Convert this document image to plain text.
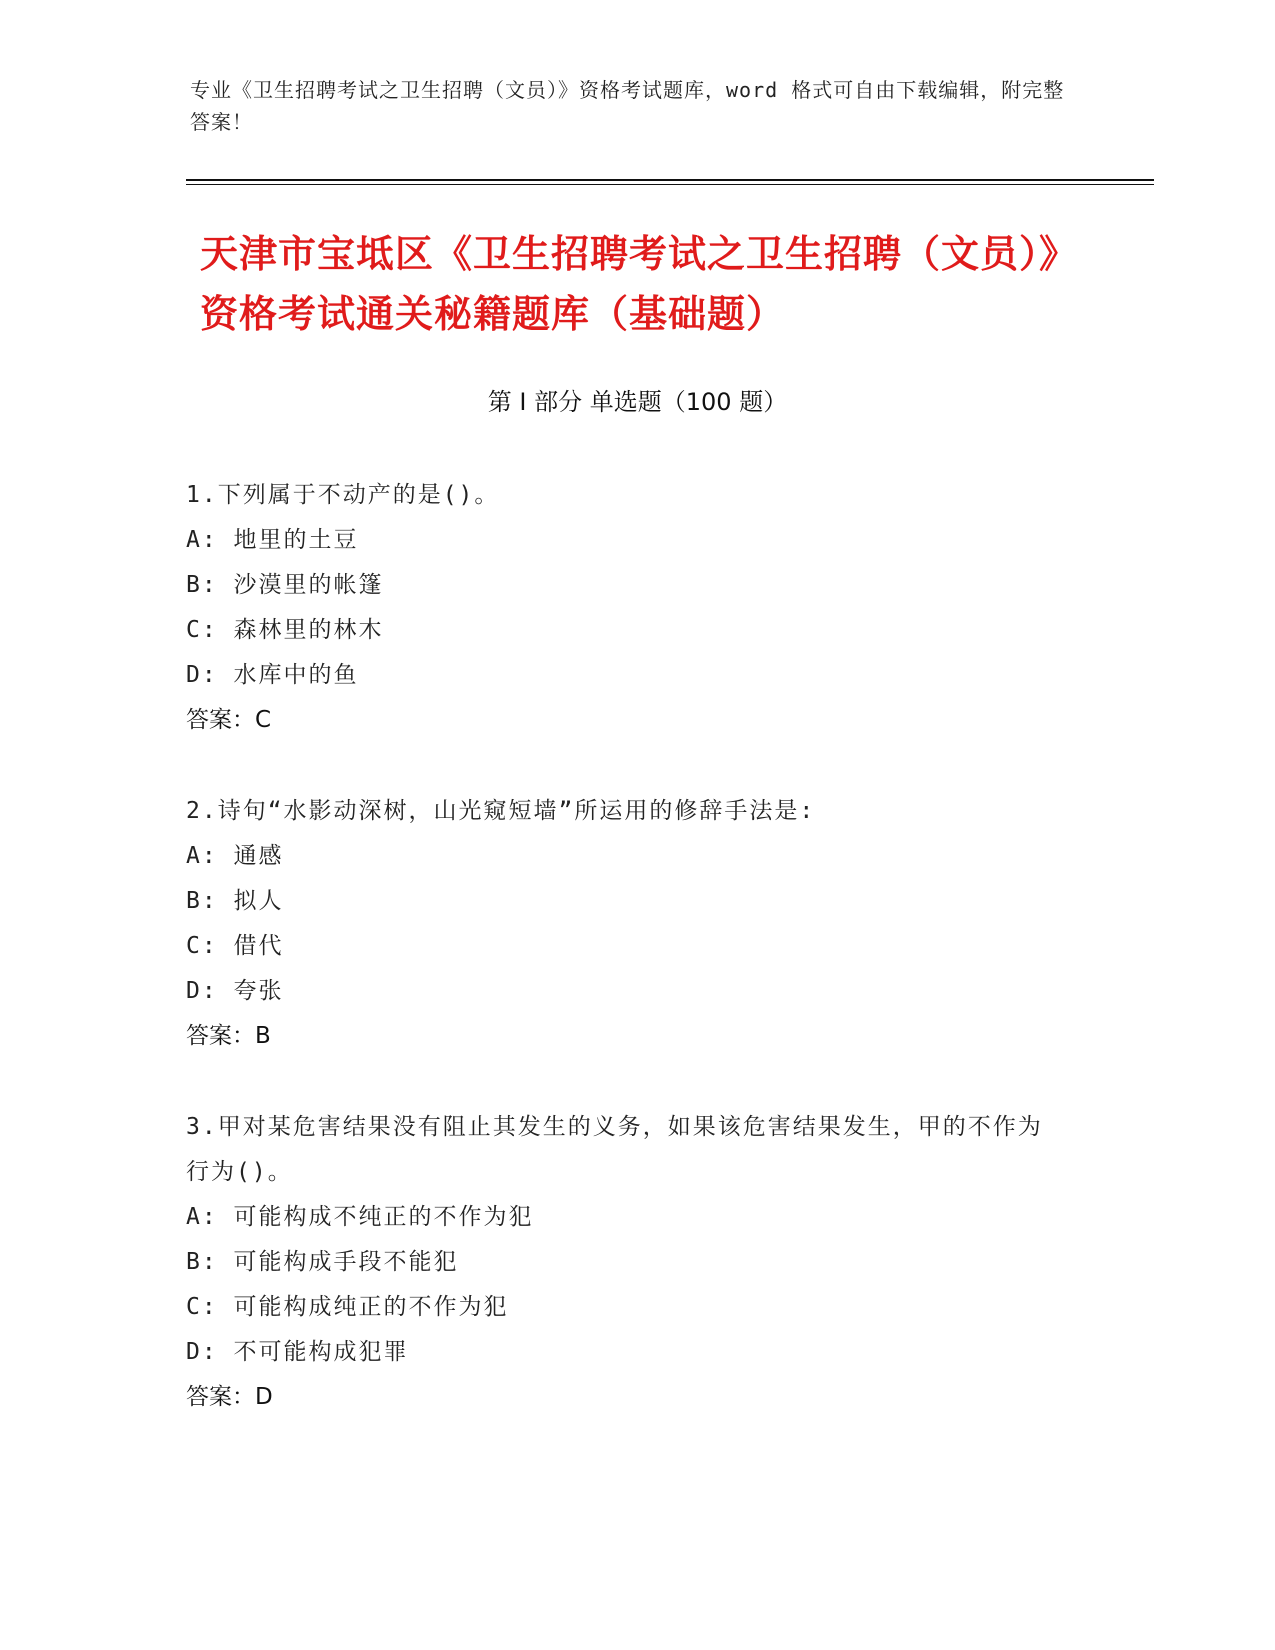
专业《卫生招聘考试之卫生招聘（文员）》资格考试题库，word 格式可自由下载编辑，附完整答案！
天津市宝坻区《卫生招聘考试之卫生招聘（文员）》资格考试通关秘籍题库（基础题）
第 I 部分 单选题（100 题）
1.下列属于不动产的是()。
A: 地里的土豆
B: 沙漠里的帐篷
C: 森林里的林木
D: 水库中的鱼
答案：C
2.诗句“水影动深树，山光窥短墙”所运用的修辞手法是:
A: 通感
B: 拟人
C: 借代
D: 夸张
答案：B
3.甲对某危害结果没有阻止其发生的义务，如果该危害结果发生，甲的不作为行为()。
A: 可能构成不纯正的不作为犯
B: 可能构成手段不能犯
C: 可能构成纯正的不作为犯
D: 不可能构成犯罪
答案：D
